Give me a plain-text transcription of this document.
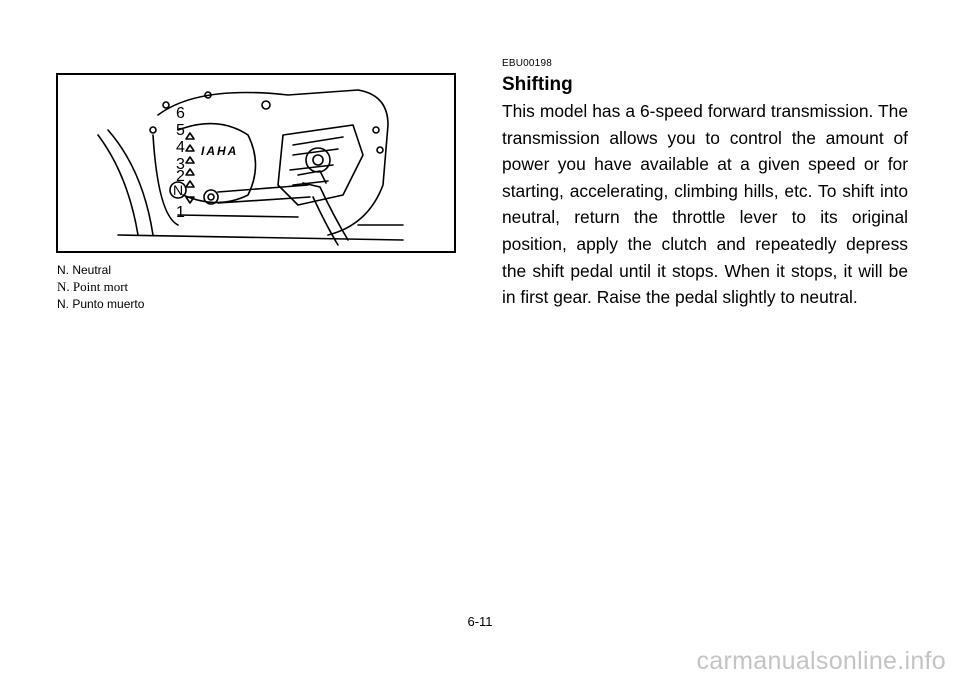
6
5
4
3
2
N
1
IAHA
N. Neutral
N. Point mort
N. Punto muerto
EBU00198
Shifting

This model has a 6-speed forward transmission. The transmission allows you to control the amount of power you have available at a given speed or for starting, accelerating, climbing hills, etc. To shift into neutral, return the throttle lever to its original position, apply the clutch and repeatedly depress the shift pedal until it stops. When it stops, it will be in first gear. Raise the pedal slightly to neutral.

6-11
carmanualsonline.info
